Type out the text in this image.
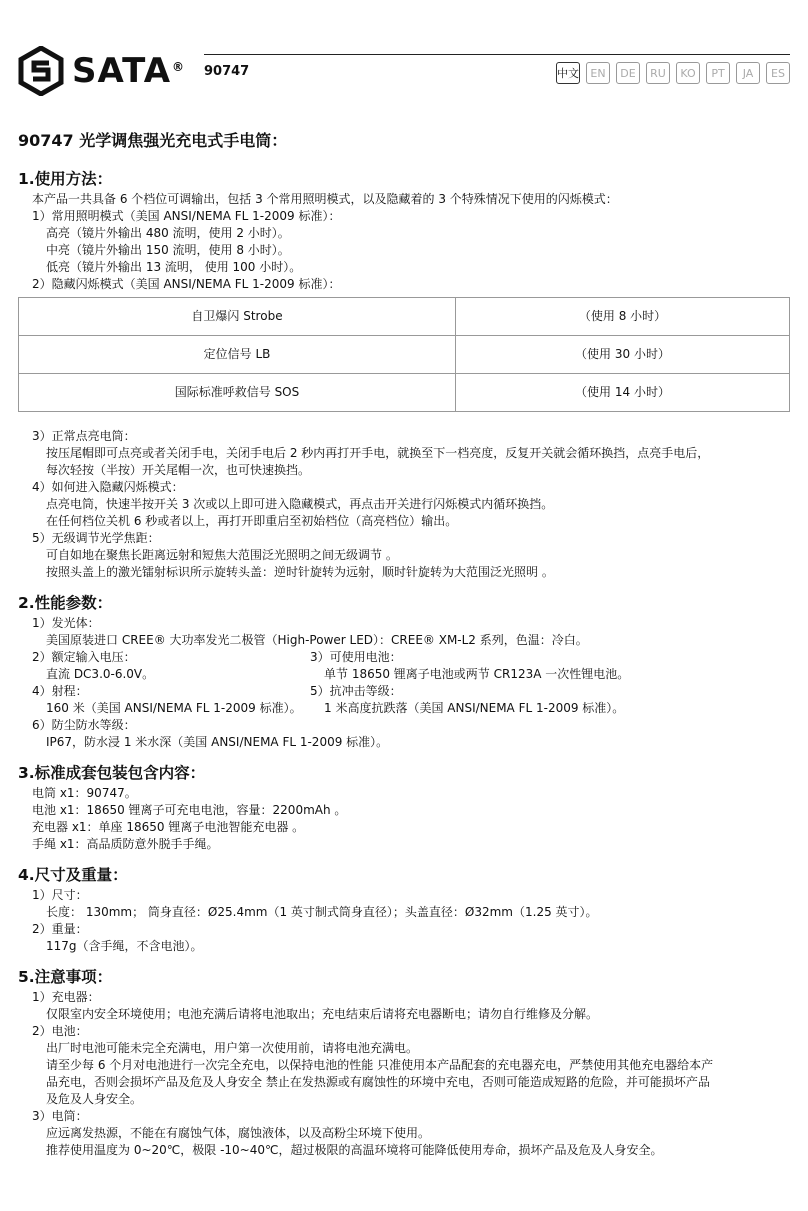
SATA ® 90747	中文	EN	DE	RU	KO	PT	JA	ES
90747 光学调焦强光充电式手电筒：
1.使用方法：

本产品一共具备 6 个档位可调输出，包括 3 个常用照明模式，以及隐藏着的 3 个特殊情况下使用的闪烁模式：

1）常用照明模式（美国 ANSI/NEMA FL 1-2009 标准）：

高亮（镜片外输出 480 流明，使用 2 小时）。

中亮（镜片外输出 150 流明，使用 8 小时）。

低亮（镜片外输出 13 流明， 使用 100 小时）。

2）隐藏闪烁模式（美国 ANSI/NEMA FL 1-2009 标准）：

自卫爆闪 Strobe	（使用 8 小时）
定位信号 LB	（使用 30 小时）
国际标准呼救信号 SOS	（使用 14 小时）

3）正常点亮电筒：

按压尾帽即可点亮或者关闭手电，关闭手电后 2 秒内再打开手电，就换至下一档亮度，反复开关就会循环换挡，点亮手电后，

每次轻按（半按）开关尾帽一次，也可快速换挡。

4）如何进入隐藏闪烁模式：

点亮电筒，快速半按开关 3 次或以上即可进入隐藏模式，再点击开关进行闪烁模式内循环换挡。

在任何档位关机 6 秒或者以上，再打开即重启至初始档位（高亮档位）输出。

5）无级调节光学焦距：

可自如地在聚焦长距离远射和短焦大范围泛光照明之间无级调节 。

按照头盖上的激光镭射标识所示旋转头盖：逆时针旋转为远射，顺时针旋转为大范围泛光照明 。

2.性能参数：

1）发光体：

美国原装进口 CREE® 大功率发光二极管（High-Power LED）：CREE® XM-L2 系列，色温：冷白。

2）额定输入电压：

直流 DC3.0-6.0V。

3）可使用电池：

单节 18650 锂离子电池或两节 CR123A 一次性锂电池。

4）射程：

160 米（美国 ANSI/NEMA FL 1-2009 标准）。

5）抗冲击等级：

1 米高度抗跌落（美国 ANSI/NEMA FL 1-2009 标准）。

6）防尘防水等级：

IP67，防水浸 1 米水深（美国 ANSI/NEMA FL 1-2009 标准）。

3.标准成套包装包含内容：

电筒 x1：90747。

电池 x1：18650 锂离子可充电电池，容量：2200mAh 。

充电器 x1：单座 18650 锂离子电池智能充电器 。

手绳 x1：高品质防意外脱手手绳。

4.尺寸及重量：

1）尺寸：

长度： 130mm； 筒身直径：Ø25.4mm（1 英寸制式筒身直径）；头盖直径：Ø32mm（1.25 英寸）。

2）重量：

117g（含手绳，不含电池）。

5.注意事项：

1）充电器：

仅限室内安全环境使用；电池充满后请将电池取出；充电结束后请将充电器断电；请勿自行维修及分解。

2）电池：

出厂时电池可能未完全充满电，用户第一次使用前，请将电池充满电。

请至少每 6 个月对电池进行一次完全充电，以保持电池的性能 只准使用本产品配套的充电器充电，严禁使用其他充电器给本产

品充电，否则会损坏产品及危及人身安全 禁止在发热源或有腐蚀性的环境中充电，否则可能造成短路的危险，并可能损坏产品

及危及人身安全。

3）电筒：

应远离发热源，不能在有腐蚀气体，腐蚀液体，以及高粉尘环境下使用。

推荐使用温度为 0~20℃，极限 -10~40℃，超过极限的高温环境将可能降低使用寿命，损坏产品及危及人身安全。
